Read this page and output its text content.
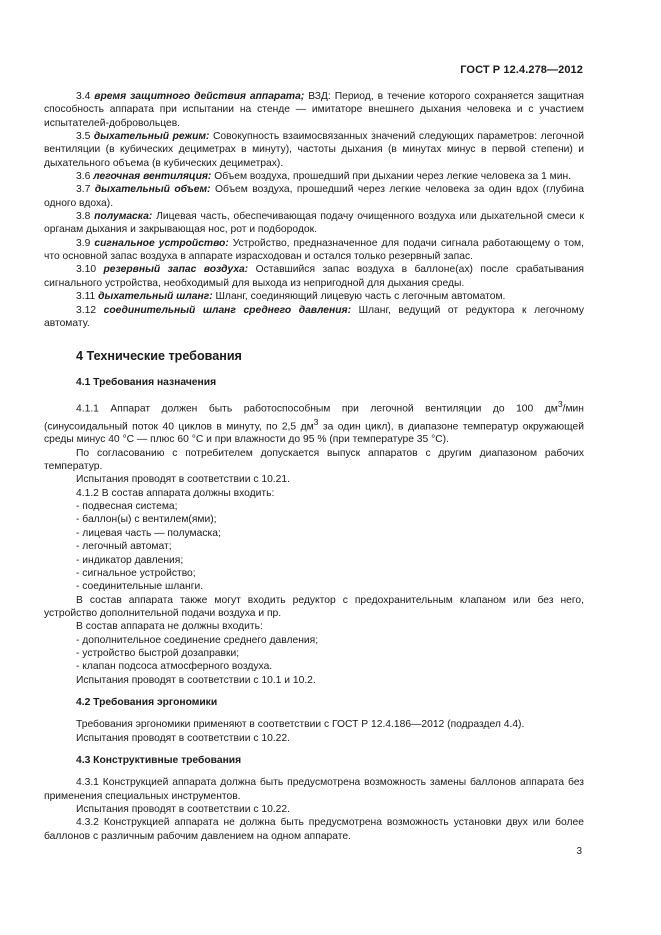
ГОСТ Р 12.4.278—2012

3.4 время защитного действия аппарата; ВЗД: Период, в течение которого сохраняется защитная способность аппарата при испытании на стенде — имитаторе внешнего дыхания человека и с участием испытателей-добровольцев.

3.5 дыхательный режим: Совокупность взаимосвязанных значений следующих параметров: легочной вентиляции (в кубических дециметрах в минуту), частоты дыхания (в минутах минус в первой степени) и дыхательного объема (в кубических дециметрах).

3.6 легочная вентиляция: Объем воздуха, прошедший при дыхании через легкие человека за 1 мин.

3.7 дыхательный объем: Объем воздуха, прошедший через легкие человека за один вдох (глубина одного вдоха).

3.8 полумаска: Лицевая часть, обеспечивающая подачу очищенного воздуха или дыхательной смеси к органам дыхания и закрывающая нос, рот и подбородок.

3.9 сигнальное устройство: Устройство, предназначенное для подачи сигнала работающему о том, что основной запас воздуха в аппарате израсходован и остался только резервный запас.

3.10 резервный запас воздуха: Оставшийся запас воздуха в баллоне(ах) после срабатывания сигнального устройства, необходимый для выхода из непригодной для дыхания среды.

3.11 дыхательный шланг: Шланг, соединяющий лицевую часть с легочным автоматом.

3.12 соединительный шланг среднего давления: Шланг, ведущий от редуктора к легочному автомату.

4 Технические требования
4.1 Требования назначения

4.1.1 Аппарат должен быть работоспособным при легочной вентиляции до 100 $дм^3$/мин (синусоидальный поток 40 циклов в минуту, по 2,5 $дм^3$ за один цикл), в диапазоне температур окружающей среды минус 40 °С — плюс 60 °С и при влажности до 95 % (при температуре 35 °С).

По согласованию с потребителем допускается выпуск аппаратов с другим диапазоном рабочих температур.

Испытания проводят в соответствии с 10.21.

4.1.2 В состав аппарата должны входить:

- подвесная система;

- баллон(ы) с вентилем(ями);

- лицевая часть — полумаска;

- легочный автомат;

- индикатор давления;

- сигнальное устройство;

- соединительные шланги.

В состав аппарата также могут входить редуктор с предохранительным клапаном или без него, устройство дополнительной подачи воздуха и пр.

В состав аппарата не должны входить:

- дополнительное соединение среднего давления;

- устройство быстрой дозаправки;

- клапан подсоса атмосферного воздуха.

Испытания проводят в соответствии с 10.1 и 10.2.

4.2 Требования эргономики

Требования эргономики применяют в соответствии с ГОСТ Р 12.4.186—2012 (подраздел 4.4).

Испытания проводят в соответствии с 10.22.

4.3 Конструктивные требования

4.3.1 Конструкцией аппарата должна быть предусмотрена возможность замены баллонов аппарата без применения специальных инструментов.

Испытания проводят в соответствии с 10.22.

4.3.2 Конструкцией аппарата не должна быть предусмотрена возможность установки двух или более баллонов с различным рабочим давлением на одном аппарате.

3
